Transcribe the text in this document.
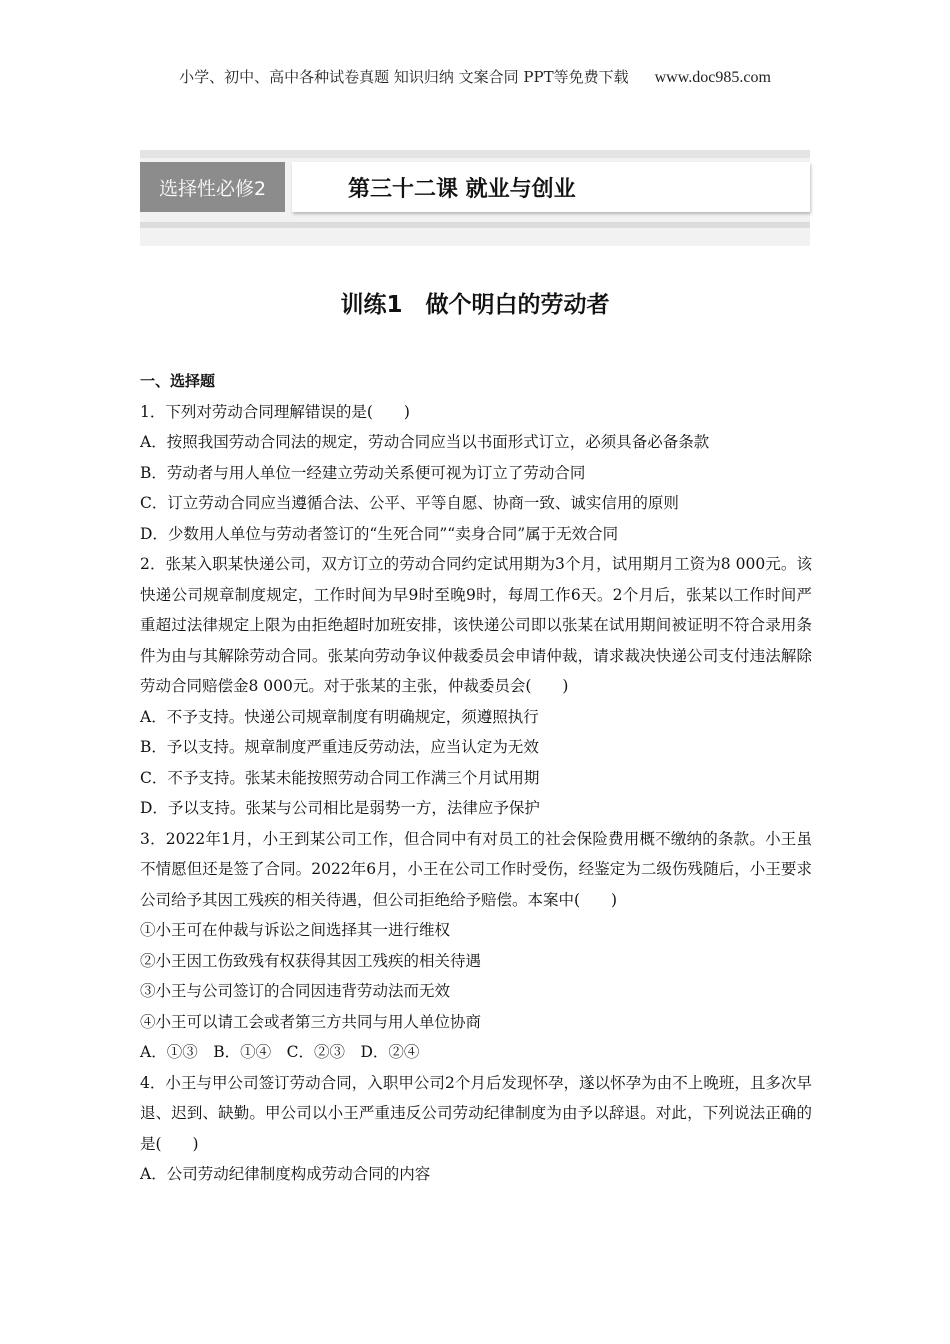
小学、初中、高中各种试卷真题 知识归纳 文案合同 PPT等免费下载 www.doc985.com
选择性必修2	第三十二课 就业与创业
训练1　做个明白的劳动者

一、选择题

1．下列对劳动合同理解错误的是(　　)

A．按照我国劳动合同法的规定，劳动合同应当以书面形式订立，必须具备必备条款

B．劳动者与用人单位一经建立劳动关系便可视为订立了劳动合同

C．订立劳动合同应当遵循合法、公平、平等自愿、协商一致、诚实信用的原则

D．少数用人单位与劳动者签订的“生死合同”“卖身合同”属于无效合同

2．张某入职某快递公司，双方订立的劳动合同约定试用期为3个月，试用期月工资为8 000元。该快递公司规章制度规定，工作时间为早9时至晚9时，每周工作6天。2个月后，张某以工作时间严重超过法律规定上限为由拒绝超时加班安排，该快递公司即以张某在试用期间被证明不符合录用条件为由与其解除劳动合同。张某向劳动争议仲裁委员会申请仲裁，请求裁决快递公司支付违法解除劳动合同赔偿金8 000元。对于张某的主张，仲裁委员会(　　)

A．不予支持。快递公司规章制度有明确规定，须遵照执行

B．予以支持。规章制度严重违反劳动法，应当认定为无效

C．不予支持。张某未能按照劳动合同工作满三个月试用期

D．予以支持。张某与公司相比是弱势一方，法律应予保护

3．2022年1月，小王到某公司工作，但合同中有对员工的社会保险费用概不缴纳的条款。小王虽不情愿但还是签了合同。2022年6月，小王在公司工作时受伤，经鉴定为二级伤残随后，小王要求公司给予其因工残疾的相关待遇，但公司拒绝给予赔偿。本案中(　　)

①小王可在仲裁与诉讼之间选择其一进行维权

②小王因工伤致残有权获得其因工残疾的相关待遇

③小王与公司签订的合同因违背劳动法而无效

④小王可以请工会或者第三方共同与用人单位协商

A．①③　B．①④　C．②③　D．②④

4．小王与甲公司签订劳动合同，入职甲公司2个月后发现怀孕，遂以怀孕为由不上晚班，且多次早退、迟到、缺勤。甲公司以小王严重违反公司劳动纪律制度为由予以辞退。对此，下列说法正确的是(　　)

A．公司劳动纪律制度构成劳动合同的内容
